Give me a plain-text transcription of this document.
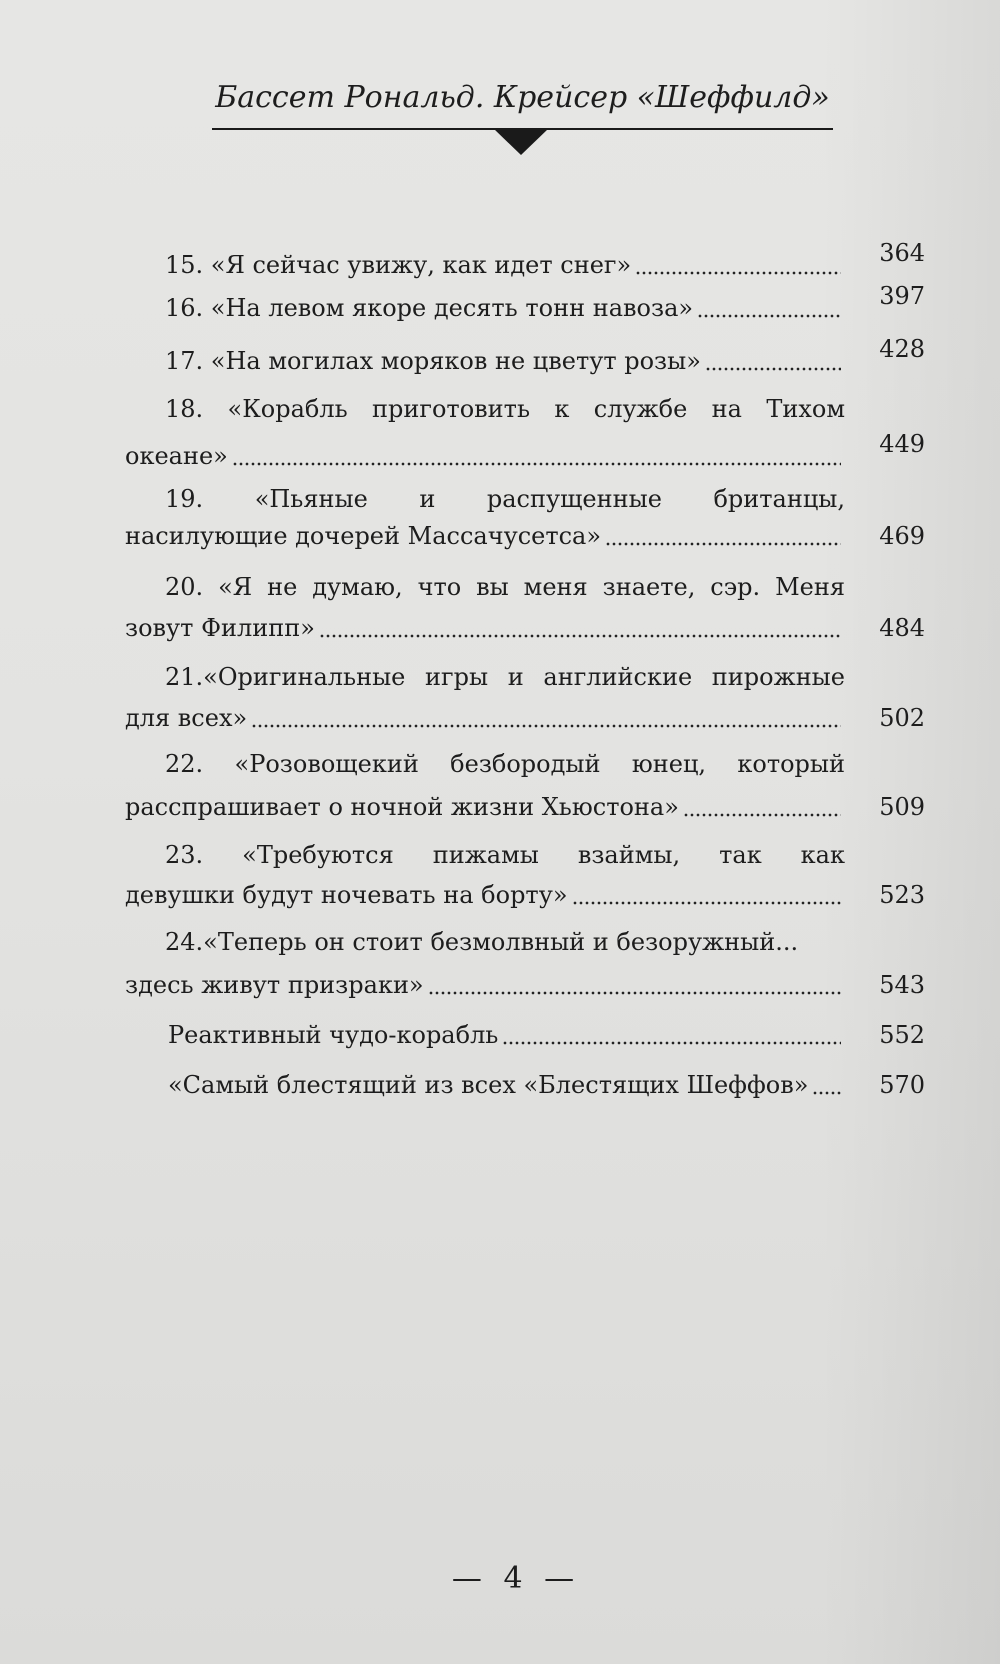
Бассет Рональд. Крейсер «Шеффилд»
15. «Я сейчас увижу, как идет снег»	364
16. «На левом якоре десять тонн навоза»	397
17. «На могилах моряков не цветут розы»	428
18. «Корабль приготовить к службе на Тихом
океане»	449
19. «Пьяные и распущенные британцы,
насилующие дочерей Массачусетса»	469
20. «Я не думаю, что вы меня знаете, сэр. Меня
зовут Филипп»	484
21.«Оригинальные игры и английские пирожные
для всех»	502
22. «Розовощекий безбородый юнец, который
расспрашивает о ночной жизни Хьюстона»	509
23. «Требуются пижамы взаймы, так как
девушки будут ночевать на борту»	523
24.«Теперь он стоит безмолвный и безоружный...
здесь живут призраки»	543
Реактивный чудо-корабль	552
«Самый блестящий из всех «Блестящих Шеффов»	570
— 4 —
